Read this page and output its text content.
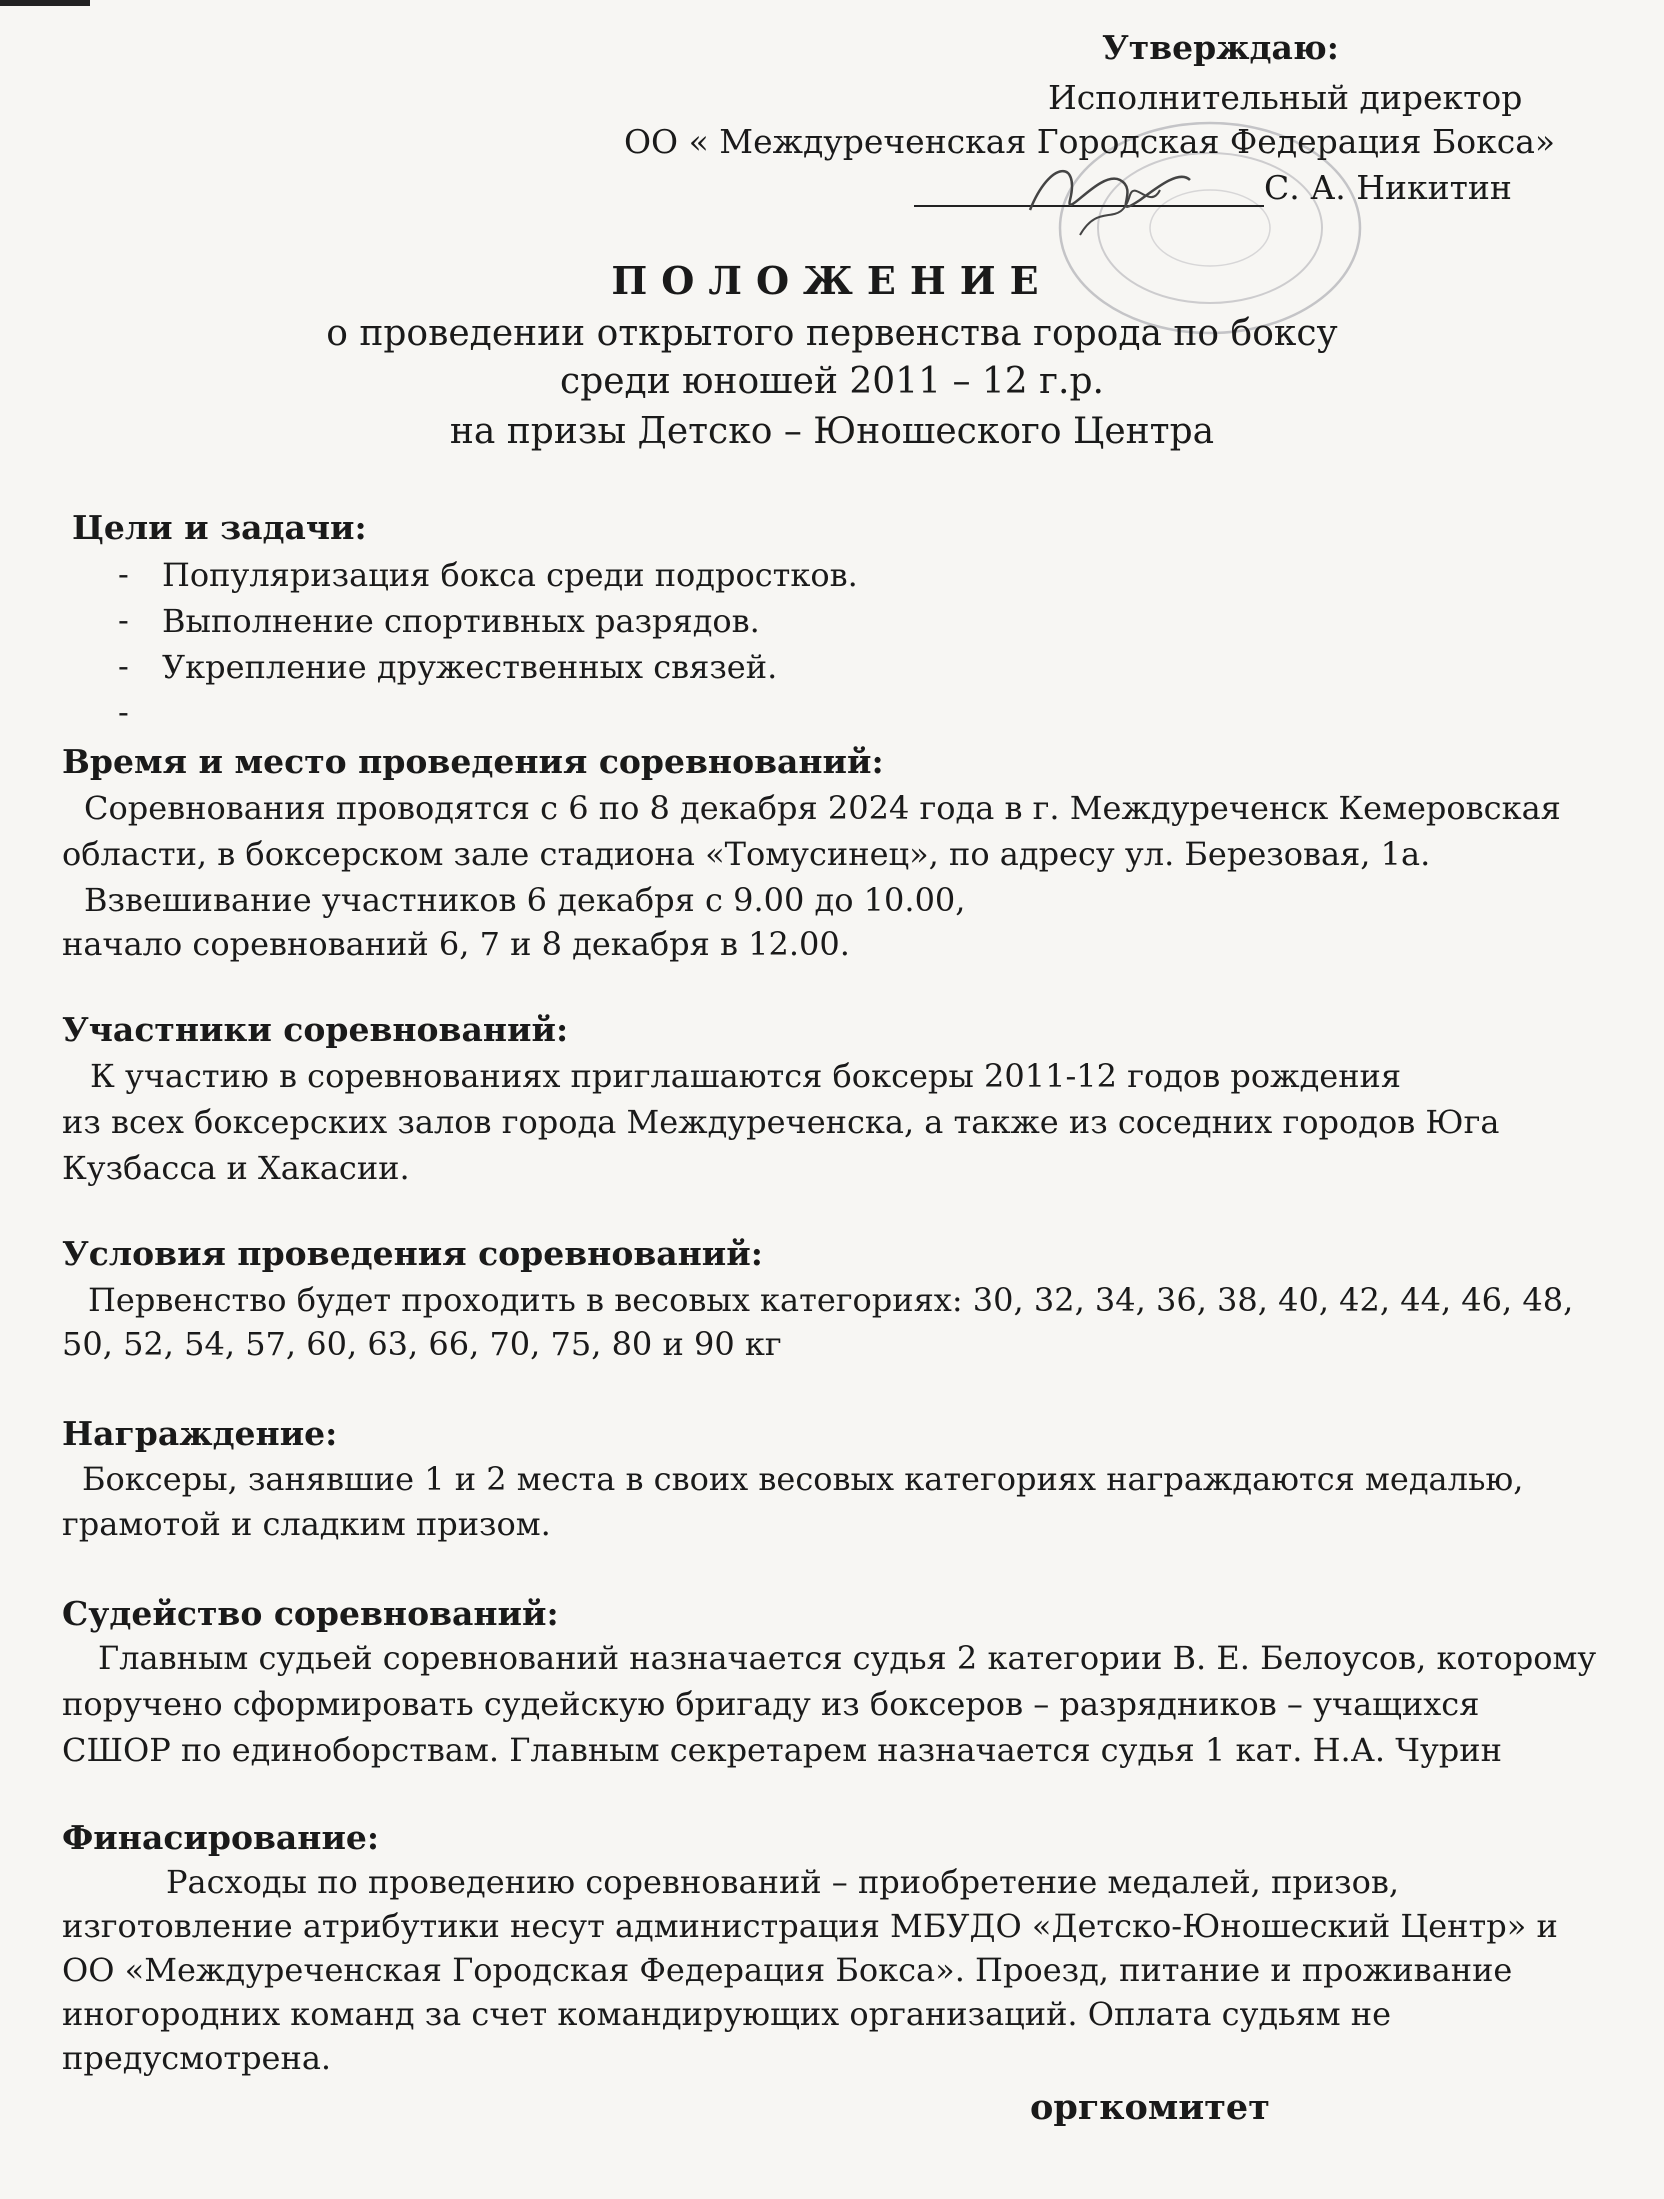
Утверждаю:
Исполнительный директор
ОО « Междуреченская Городская Федерация Бокса»
С. А. Никитин
ПОЛОЖЕНИЕ
о проведении открытого первенства города по боксу
среди юношей 2011 – 12 г.р.
на призы Детско – Юношеского Центра
Цели и задачи:
- Популяризация бокса среди подростков.
- Выполнение спортивных разрядов.
- Укрепление дружественных связей.
-
Время и место проведения соревнований:
Соревнования проводятся с 6 по 8 декабря 2024 года в г. Междуреченск Кемеровская
области, в боксерском зале стадиона «Томусинец», по адресу ул. Березовая, 1а.
Взвешивание участников 6 декабря с 9.00 до 10.00,
начало соревнований 6, 7 и 8 декабря в 12.00.
Участники соревнований:
К участию в соревнованиях приглашаются боксеры 2011-12 годов рождения
из всех боксерских залов города Междуреченска, а также из соседних городов Юга
Кузбасса и Хакасии.
Условия проведения соревнований:
Первенство будет проходить в весовых категориях: 30, 32, 34, 36, 38, 40, 42, 44, 46, 48,
50, 52, 54, 57, 60, 63, 66, 70, 75, 80 и 90 кг
Награждение:
Боксеры, занявшие 1 и 2 места в своих весовых категориях награждаются медалью,
грамотой и сладким призом.
Судейство соревнований:
Главным судьей соревнований назначается судья 2 категории В. Е. Белоусов, которому
поручено сформировать судейскую бригаду из боксеров – разрядников – учащихся
СШОР по единоборствам. Главным секретарем назначается судья 1 кат. Н.А. Чурин
Финасирование:
Расходы по проведению соревнований – приобретение медалей, призов,
изготовление атрибутики несут администрация МБУДО «Детско-Юношеский Центр» и
ОО «Междуреченская Городская Федерация Бокса». Проезд, питание и проживание
иногородних команд за счет командирующих организаций. Оплата судьям не
предусмотрена.
оргкомитет
